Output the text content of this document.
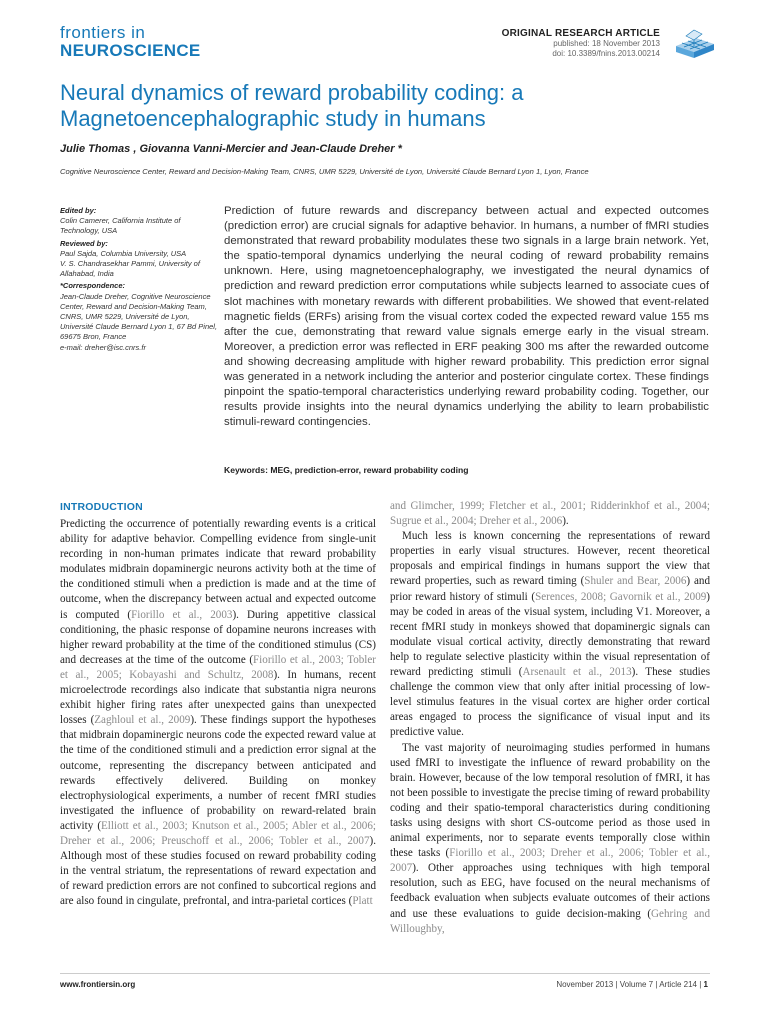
frontiers in
NEUROSCIENCE
ORIGINAL RESEARCH ARTICLE
published: 18 November 2013
doi: 10.3389/fnins.2013.00214
Neural dynamics of reward probability coding: a Magnetoencephalographic study in humans
Julie Thomas , Giovanna Vanni-Mercier and Jean-Claude Dreher *
Cognitive Neuroscience Center, Reward and Decision-Making Team, CNRS, UMR 5229, Université de Lyon, Université Claude Bernard Lyon 1, Lyon, France
Edited by:
Colin Camerer, California Institute of Technology, USA
Reviewed by:
Paul Sajda, Columbia University, USA
V. S. Chandrasekhar Pammi, University of Allahabad, India
*Correspondence:
Jean-Claude Dreher, Cognitive Neuroscience Center, Reward and Decision-Making Team, CNRS, UMR 5229, Université de Lyon, Université Claude Bernard Lyon 1, 67 Bd Pinel, 69675 Bron, France
e-mail: dreher@isc.cnrs.fr
Prediction of future rewards and discrepancy between actual and expected outcomes (prediction error) are crucial signals for adaptive behavior. In humans, a number of fMRI studies demonstrated that reward probability modulates these two signals in a large brain network. Yet, the spatio-temporal dynamics underlying the neural coding of reward probability remains unknown. Here, using magnetoencephalography, we investigated the neural dynamics of prediction and reward prediction error computations while subjects learned to associate cues of slot machines with monetary rewards with different probabilities. We showed that event-related magnetic fields (ERFs) arising from the visual cortex coded the expected reward value 155 ms after the cue, demonstrating that reward value signals emerge early in the visual stream. Moreover, a prediction error was reflected in ERF peaking 300 ms after the rewarded outcome and showing decreasing amplitude with higher reward probability. This prediction error signal was generated in a network including the anterior and posterior cingulate cortex. These findings pinpoint the spatio-temporal characteristics underlying reward probability coding. Together, our results provide insights into the neural dynamics underlying the ability to learn probabilistic stimuli-reward contingencies.
Keywords: MEG, prediction-error, reward probability coding
INTRODUCTION

Predicting the occurrence of potentially rewarding events is a critical ability for adaptive behavior. Compelling evidence from single-unit recording in non-human primates indicate that reward probability modulates midbrain dopaminergic neurons activity both at the time of the conditioned stimuli when a prediction is made and at the time of outcome, when the discrepancy between actual and expected outcome is computed (Fiorillo et al., 2003). During appetitive classical conditioning, the phasic response of dopamine neurons increases with higher reward probability at the time of the conditioned stimulus (CS) and decreases at the time of the outcome (Fiorillo et al., 2003; Tobler et al., 2005; Kobayashi and Schultz, 2008). In humans, recent microelectrode recordings also indicate that substantia nigra neurons exhibit higher firing rates after unexpected gains than unexpected losses (Zaghloul et al., 2009). These findings support the hypotheses that midbrain dopaminergic neurons code the expected reward value at the time of the conditioned stimuli and a prediction error signal at the outcome, representing the discrepancy between anticipated and rewards effectively delivered. Building on monkey electrophysiological experiments, a number of recent fMRI studies investigated the influence of probability on reward-related brain activity (Elliott et al., 2003; Knutson et al., 2005; Abler et al., 2006; Dreher et al., 2006; Preuschoff et al., 2006; Tobler et al., 2007). Although most of these studies focused on reward probability coding in the ventral striatum, the representations of reward expectation and of reward prediction errors are not confined to subcortical regions and are also found in cingulate, prefrontal, and intra-parietal cortices (Platt

and Glimcher, 1999; Fletcher et al., 2001; Ridderinkhof et al., 2004; Sugrue et al., 2004; Dreher et al., 2006).

Much less is known concerning the representations of reward properties in early visual structures. However, recent theoretical proposals and empirical findings in humans support the view that reward properties, such as reward timing (Shuler and Bear, 2006) and prior reward history of stimuli (Serences, 2008; Gavornik et al., 2009) may be coded in areas of the visual system, including V1. Moreover, a recent fMRI study in monkeys showed that dopaminergic signals can modulate visual cortical activity, directly demonstrating that reward help to regulate selective plasticity within the visual representation of reward predicting stimuli (Arsenault et al., 2013). These studies challenge the common view that only after initial processing of low-level stimulus features in the visual cortex are higher order cortical areas engaged to process the significance of visual input and its predictive value.

The vast majority of neuroimaging studies performed in humans used fMRI to investigate the influence of reward probability on the brain. However, because of the low temporal resolution of fMRI, it has not been possible to investigate the precise timing of reward probability coding and their spatio-temporal characteristics during conditioning tasks using designs with short CS-outcome period as those used in animal experiments, nor to separate events temporally close within these tasks (Fiorillo et al., 2003; Dreher et al., 2006; Tobler et al., 2007). Other approaches using techniques with high temporal resolution, such as EEG, have focused on the neural mechanisms of feedback evaluation when subjects evaluate outcomes of their actions and use these evaluations to guide decision-making (Gehring and Willoughby,

www.frontiersin.org	November 2013 | Volume 7 | Article 214 | 1
